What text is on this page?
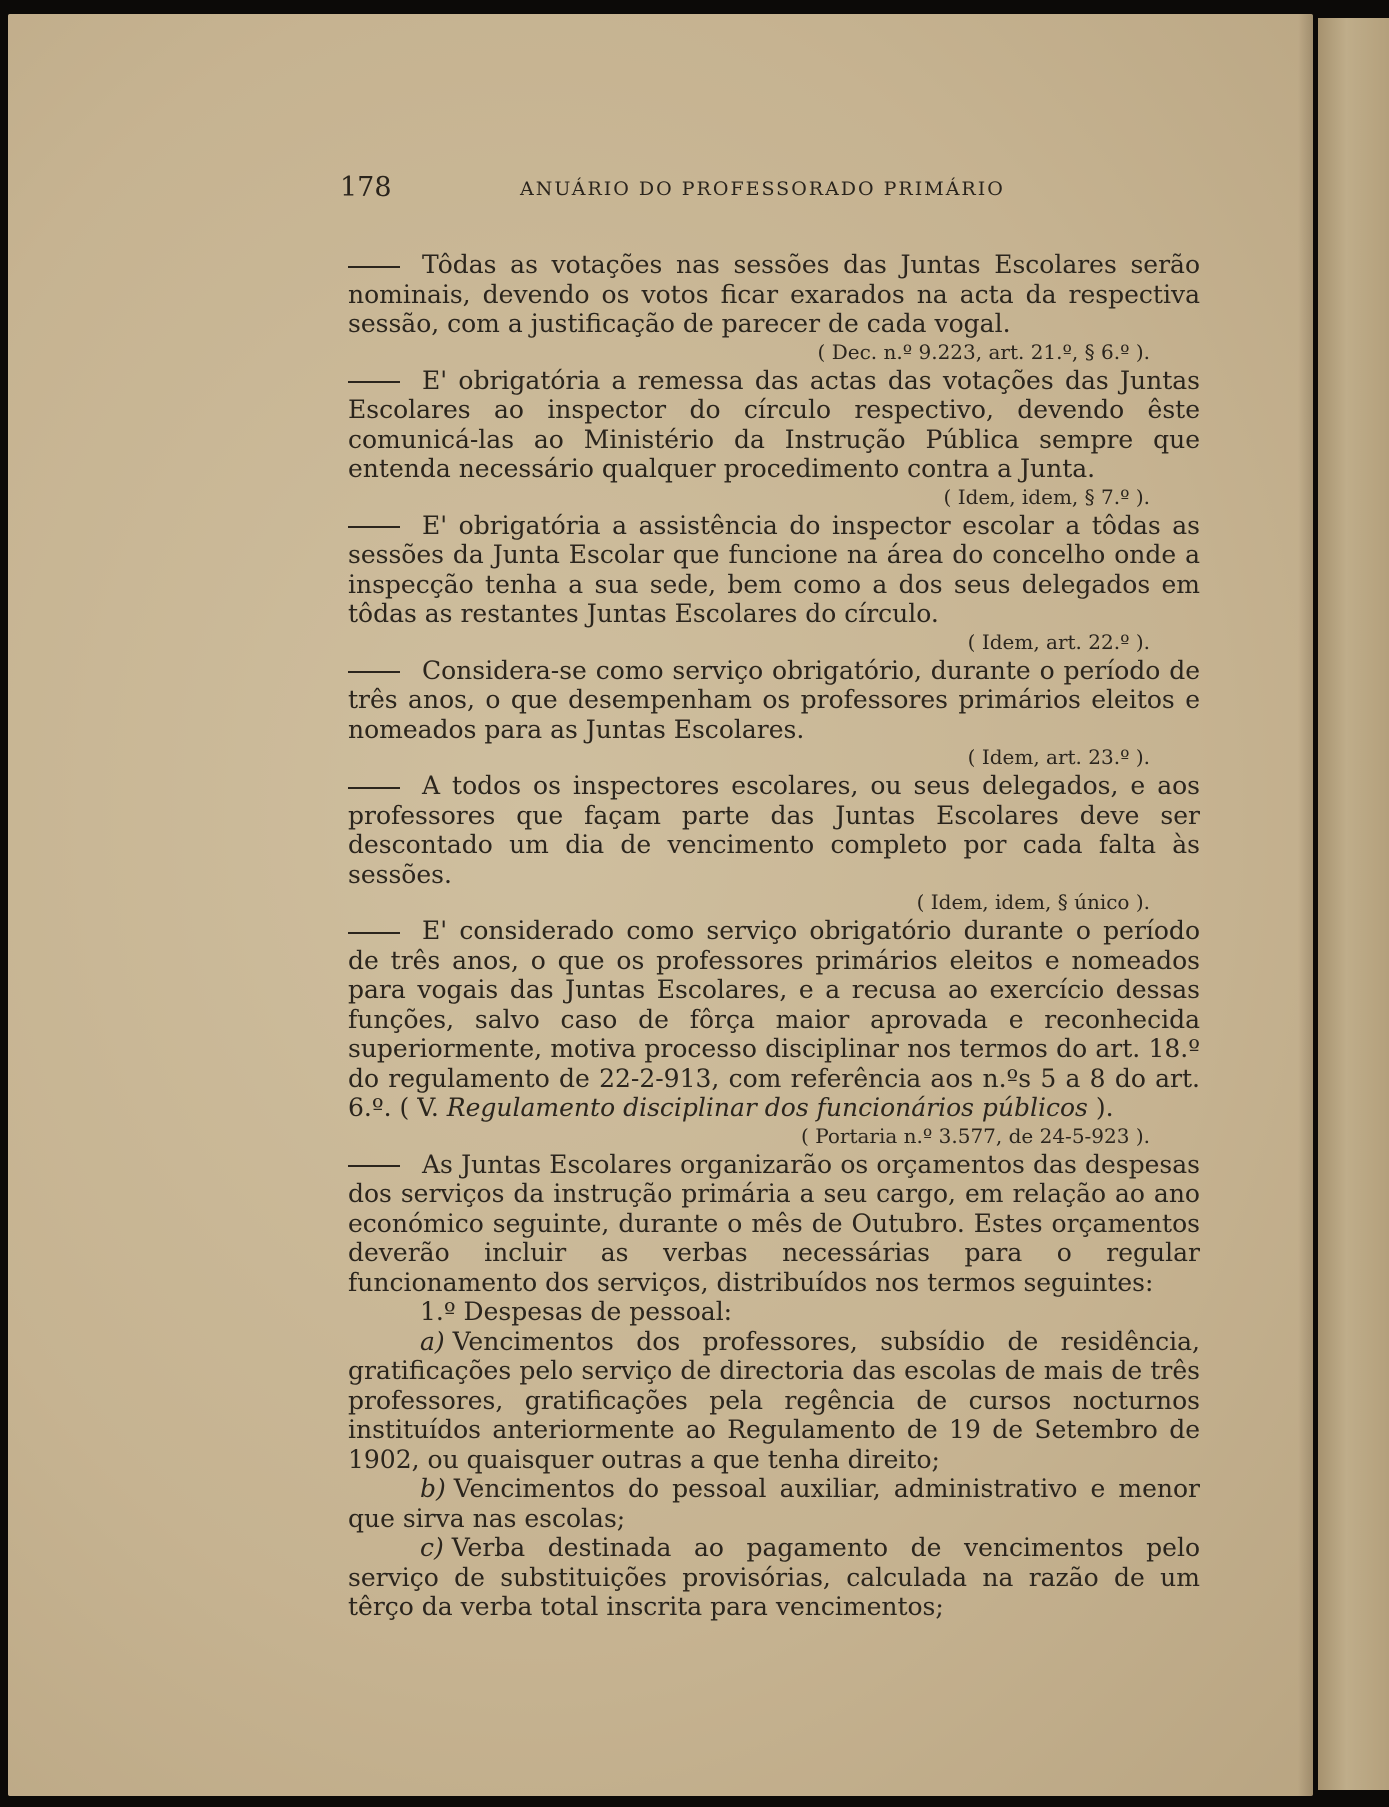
178	ANUÁRIO DO PROFESSORADO PRIMÁRIO

Tôdas as votações nas sessões das Juntas Escolares serão nominais, devendo os votos ficar exarados na acta da respectiva sessão, com a justificação de parecer de cada vogal.

( Dec. n.º 9.223, art. 21.º, § 6.º ).

E' obrigatória a remessa das actas das votações das Juntas Escolares ao inspector do círculo respectivo, devendo êste comunicá-las ao Ministério da Instrução Pública sempre que entenda necessário qualquer procedimento contra a Junta.

( Idem, idem, § 7.º ).

E' obrigatória a assistência do inspector escolar a tôdas as sessões da Junta Escolar que funcione na área do concelho onde a inspecção tenha a sua sede, bem como a dos seus delegados em tôdas as restantes Juntas Escolares do círculo.

( Idem, art. 22.º ).

Considera-se como serviço obrigatório, durante o período de três anos, o que desempenham os professores primários eleitos e nomeados para as Juntas Escolares.

( Idem, art. 23.º ).

A todos os inspectores escolares, ou seus delegados, e aos professores que façam parte das Juntas Escolares deve ser descontado um dia de vencimento completo por cada falta às sessões.

( Idem, idem, § único ).

E' considerado como serviço obrigatório durante o período de três anos, o que os professores primários eleitos e nomeados para vogais das Juntas Escolares, e a recusa ao exercício dessas funções, salvo caso de fôrça maior aprovada e reconhecida superiormente, motiva processo disciplinar nos termos do art. 18.º do regulamento de 22-2-913, com referência aos n.ºs 5 a 8 do art. 6.º. ( V. Regulamento disciplinar dos funcionários públicos ).

( Portaria n.º 3.577, de 24-5-923 ).

As Juntas Escolares organizarão os orçamentos das despesas dos serviços da instrução primária a seu cargo, em relação ao ano económico seguinte, durante o mês de Outubro. Estes orçamentos deverão incluir as verbas necessárias para o regular funcionamento dos serviços, distribuídos nos termos seguintes:

1.º Despesas de pessoal:

a) Vencimentos dos professores, subsídio de residência, gratificações pelo serviço de directoria das escolas de mais de três professores, gratificações pela regência de cursos nocturnos instituídos anteriormente ao Regulamento de 19 de Setembro de 1902, ou quaisquer outras a que tenha direito;

b) Vencimentos do pessoal auxiliar, administrativo e menor que sirva nas escolas;

c) Verba destinada ao pagamento de vencimentos pelo serviço de substituições provisórias, calculada na razão de um têrço da verba total inscrita para vencimentos;
